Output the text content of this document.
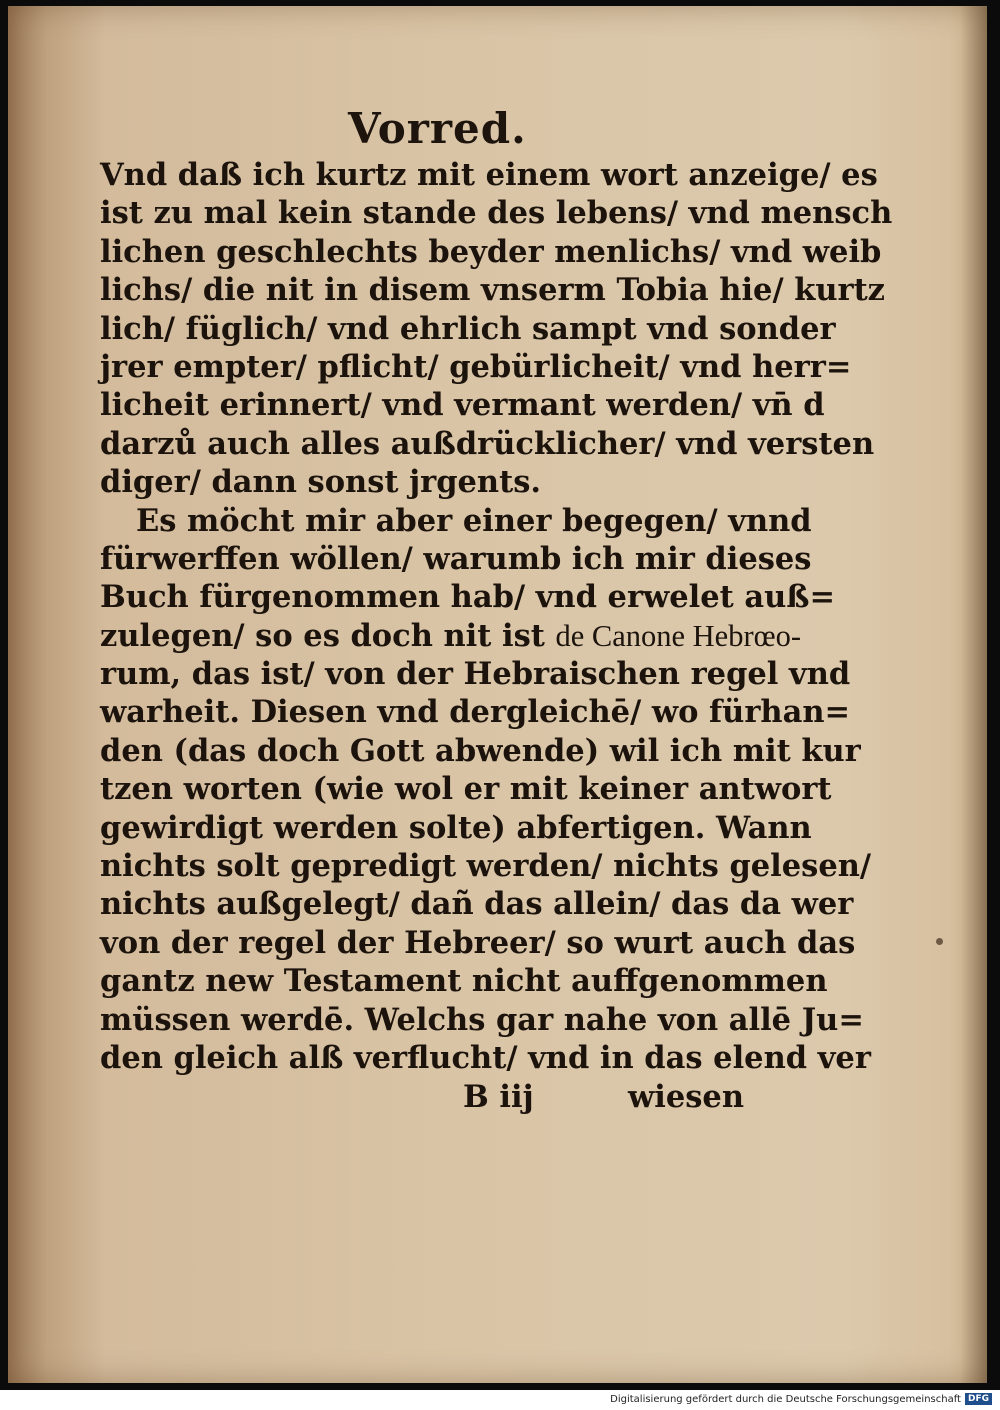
Vorred.
Vnd daß ich kurtz mit einem wort anzeige/ es
ist zu mal kein stande des lebens/ vnd mensch
lichen geschlechts beyder menlichs/ vnd weib
lichs/ die nit in disem vnserm Tobia hie/ kurtz
lich/ füglich/ vnd ehrlich sampt vnd sonder
jrer empter/ pflicht/ gebürlicheit/ vnd herr=
licheit erinnert/ vnd vermant werden/ vn̄ d
darzů auch alles außdrücklicher/ vnd versten
diger/ dann sonst jrgents.
Es möcht mir aber einer begegen/ vnnd
fürwerffen wöllen/ warumb ich mir dieses
Buch fürgenommen hab/ vnd erwelet auß=
zulegen/ so es doch nit ist de Canone Hebrœo-
rum, das ist/ von der Hebraischen regel vnd
warheit. Diesen vnd dergleichē/ wo fürhan=
den (das doch Gott abwende) wil ich mit kur
tzen worten (wie wol er mit keiner antwort
gewirdigt werden solte) abfertigen. Wann
nichts solt gepredigt werden/ nichts gelesen/
nichts außgelegt/ dañ das allein/ das da wer
von der regel der Hebreer/ so wurt auch das
gantz new Testament nicht auffgenommen
müssen werdē. Welchs gar nahe von allē Ju=
den gleich alß verflucht/ vnd in das elend ver
B iij	wiesen
Digitalisierung gefördert durch die Deutsche Forschungsgemeinschaft DFG
